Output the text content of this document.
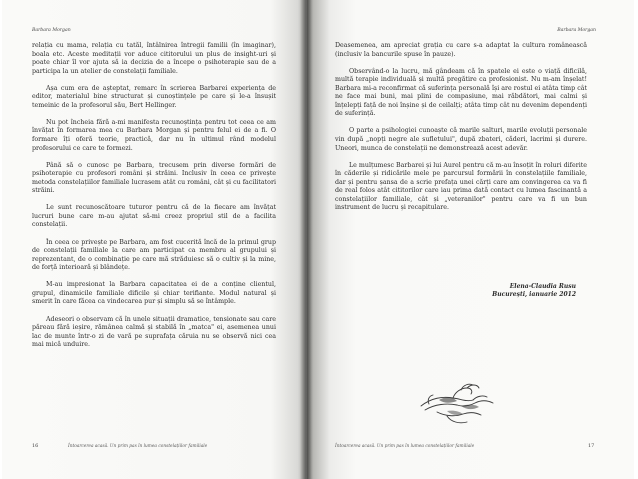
Barbara Morgan

relația cu mama, relația cu tatăl, întâlnirea întregii familii (în imaginar), boala etc. Aceste meditații vor aduce cititorului un plus de insight-uri și poate chiar îl vor ajuta să ia decizia de a începe o psihoterapie sau de a participa la un atelier de constelații familiale.

Așa cum era de așteptat, remarc în scrierea Barbarei experiența de editor, materialul bine structurat și cunoștințele pe care și le-a însușit temeinic de la profesorul său, Bert Hellinger.

Nu pot încheia fără a-mi manifesta recunoștința pentru tot ceea ce am învățat în formarea mea cu Barbara Morgan și pentru felul ei de a fi. O formare îți oferă teorie, practică, dar nu în ultimul rând modelul profesorului ce care te formezi.

Până să o cunosc pe Barbara, trecusem prin diverse formări de psihoterapie cu profesori români și străini. Inclusiv în ceea ce privește metoda constelațiilor familiale lucrasem atât cu români, cât și cu facilitatori străini.

Le sunt recunoscătoare tuturor pentru că de la fiecare am învățat lucruri bune care m-au ajutat să-mi creez propriul stil de a facilita constelații.

În ceea ce privește pe Barbara, am fost cucerită încă de la primul grup de constelații familiale la care am participat ca membru al grupului și reprezentant, de o combinație pe care mă străduiesc să o cultiv și la mine, de forță interioară și blândețe.

M-au impresionat la Barbara capacitatea ei de a conține clientul, grupul, dinamicile familiale dificile și chiar terifiante. Modul natural și smerit în care făcea ca vindecarea pur și simplu să se întâmple.

Adeseori o observam că în unele situații dramatice, tensionate sau care păreau fără ieșire, rămânea calmă și stabilă în „matca" ei, asemenea unui lac de munte într-o zi de vară pe suprafața căruia nu se observă nici cea mai mică unduire.

16	Întoarcerea acasă. Un prim pas în lumea constelațiilor familiale
Barbara Morgan

Deasemenea, am apreciat grația cu care s-a adaptat la cultura românească (inclusiv la bancurile spuse în pauze).

Observând-o la lucru, mă gândeam că în spatele ei este o viață dificilă, multă terapie individuală și multă pregătire ca profesionist. Nu m-am înșelat! Barbara mi-a reconfirmat că suferința personală își are rostul ei atâta timp cât ne face mai buni, mai plini de compasiune, mai răbdători, mai calmi și înțelepți față de noi înșine și de ceilalți; atâta timp cât nu devenim dependenți de suferință.

O parte a psihologiei cunoaște că marile salturi, marile evoluții personale vin după „nopți negre ale sufletului", după zbateri, căderi, lacrimi și durere. Uneori, munca de constelații ne demonstrează acest adevăr.

Le mulțumesc Barbarei și lui Aurel pentru că m-au însoțit în roluri diferite în căderile și ridicările mele pe parcursul formării în constelațiile familiale, dar și pentru șansa de a scrie prefața unei cărți care am convingerea ca va fi de real folos atât cititorilor care iau prima dată contact cu lumea fascinantă a constelațiilor familiale, cât și „veteranilor" pentru care va fi un bun instrument de lucru și recapitulare.

Elena-Claudia Rusu
București, ianuarie 2012
Întoarcerea acasă. Un prim pas în lumea constelațiilor familiale	17
